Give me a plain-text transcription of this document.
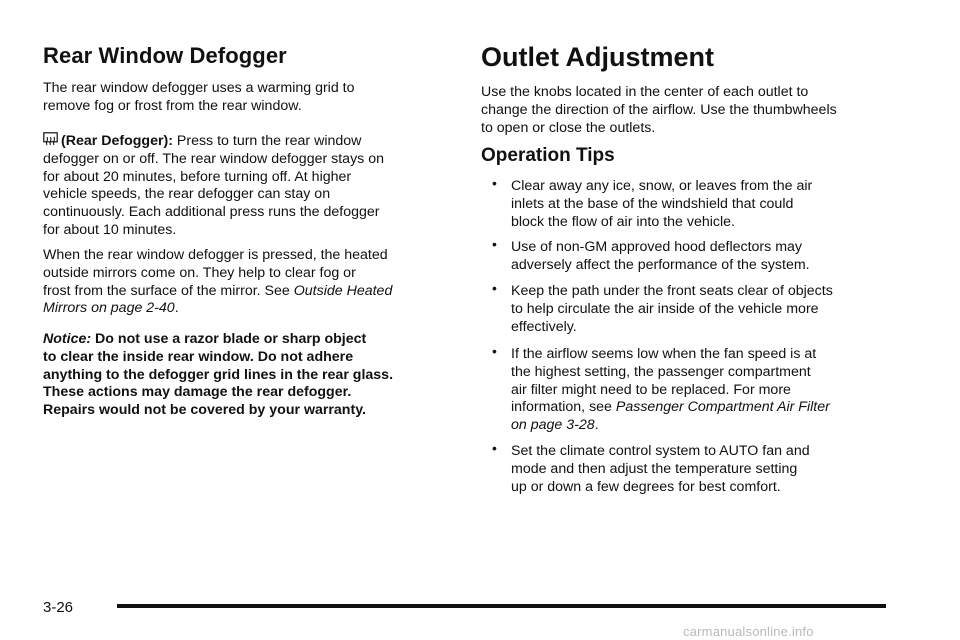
Rear Window Defogger

The rear window defogger uses a warming grid to
remove fog or frost from the rear window.

(Rear Defogger): Press to turn the rear window
defogger on or off. The rear window defogger stays on
for about 20 minutes, before turning off. At higher
vehicle speeds, the rear defogger can stay on
continuously. Each additional press runs the defogger
for about 10 minutes.

When the rear window defogger is pressed, the heated
outside mirrors come on. They help to clear fog or
frost from the surface of the mirror. See Outside Heated
Mirrors on page 2-40.

Notice: Do not use a razor blade or sharp object
to clear the inside rear window. Do not adhere
anything to the defogger grid lines in the rear glass.
These actions may damage the rear defogger.
Repairs would not be covered by your warranty.

Outlet Adjustment

Use the knobs located in the center of each outlet to
change the direction of the airflow. Use the thumbwheels
to open or close the outlets.

Operation Tips
• Clear away any ice, snow, or leaves from the air
inlets at the base of the windshield that could
block the flow of air into the vehicle.
• Use of non-GM approved hood deflectors may
adversely affect the performance of the system.
• Keep the path under the front seats clear of objects
to help circulate the air inside of the vehicle more
effectively.
• If the airflow seems low when the fan speed is at
the highest setting, the passenger compartment
air filter might need to be replaced. For more
information, see Passenger Compartment Air Filter
on page 3-28.
• Set the climate control system to AUTO fan and
mode and then adjust the temperature setting
up or down a few degrees for best comfort.
3-26
carmanualsonline.info
